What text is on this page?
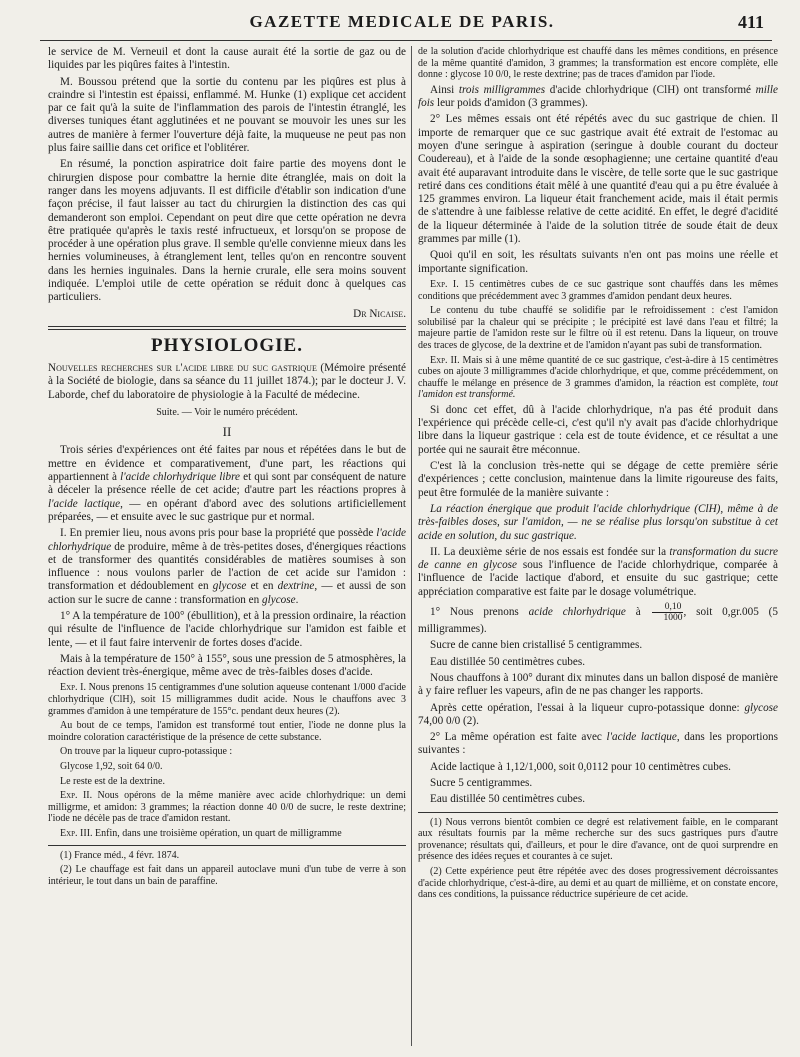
GAZETTE MEDICALE DE PARIS.	411

le service de M. Verneuil et dont la cause aurait été la sortie de gaz ou de liquides par les piqûres faites à l'intestin.

M. Boussou prétend que la sortie du contenu par les piqûres est plus à craindre si l'intestin est épaissi, enflammé. M. Hunke (1) explique cet accident par ce fait qu'à la suite de l'inflammation des parois de l'intestin étranglé, les diverses tuniques étant agglutinées et ne pouvant se mouvoir les unes sur les autres de manière à fermer l'ouverture déjà faite, la muqueuse ne peut pas non plus faire saillie dans cet orifice et l'oblitérer.

En résumé, la ponction aspiratrice doit faire partie des moyens dont le chirurgien dispose pour combattre la hernie dite étranglée, mais on doit la ranger dans les moyens adjuvants. Il est difficile d'établir son indication d'une façon précise, il faut laisser au tact du chirurgien la distinction des cas qui demanderont son emploi. Cependant on peut dire que cette opération ne devra être pratiquée qu'après le taxis resté infructueux, et lorsqu'on se propose de procéder à une opération plus grave. Il semble qu'elle convienne mieux dans les hernies volumineuses, à étranglement lent, telles qu'on en rencontre souvent dans les hernies inguinales. Dans la hernie crurale, elle sera moins souvent indiquée. L'emploi utile de cette opération se réduit donc à quelques cas particuliers.

Dr Nicaise.
PHYSIOLOGIE.

Nouvelles recherches sur l'acide libre du suc gastrique (Mémoire présenté à la Société de biologie, dans sa séance du 11 juillet 1874.); par le docteur J. V. Laborde, chef du laboratoire de physiologie à la Faculté de médecine.

Suite. — Voir le numéro précédent.
II

Trois séries d'expériences ont été faites par nous et répétées dans le but de mettre en évidence et comparativement, d'une part, les réactions qui appartiennent à l'acide chlorhydrique libre et qui sont par conséquent de nature à déceler la présence réelle de cet acide; d'autre part les réactions propres à l'acide lactique, — en opérant d'abord avec des solutions artificiellement préparées, — et ensuite avec le suc gastrique pur et normal.

I. En premier lieu, nous avons pris pour base la propriété que possède l'acide chlorhydrique de produire, même à de très-petites doses, d'énergiques réactions et de transformer des quantités considérables de matières soumises à son influence : nous voulons parler de l'action de cet acide sur l'amidon : transformation et dédoublement en glycose et en dextrine, — et aussi de son action sur le sucre de canne : transformation en glycose.

1° A la température de 100° (ébullition), et à la pression ordinaire, la réaction qui résulte de l'influence de l'acide chlorhydrique sur l'amidon est faible et lente, — et il faut faire intervenir de fortes doses d'acide.

Mais à la température de 150° à 155°, sous une pression de 5 atmosphères, la réaction devient très-énergique, même avec de très-faibles doses d'acide.

Exp. I. Nous prenons 15 centigrammes d'une solution aqueuse contenant 1/000 d'acide chlorhydrique (ClH), soit 15 milligrammes dudit acide. Nous le chauffons avec 3 grammes d'amidon à une température de 155°c. pendant deux heures (2).

Au bout de ce temps, l'amidon est transformé tout entier, l'iode ne donne plus la moindre coloration caractéristique de la présence de cette substance.

On trouve par la liqueur cupro-potassique :

Glycose 1,92, soit 64 0/0.

Le reste est de la dextrine.

Exp. II. Nous opérons de la même manière avec acide chlorhydrique: un demi milligrme, et amidon: 3 grammes; la réaction donne 40 0/0 de sucre, le reste dextrine; l'iode ne décèle pas de trace d'amidon restant.

Exp. III. Enfin, dans une troisième opération, un quart de milligramme

(1) France méd., 4 févr. 1874.

(2) Le chauffage est fait dans un appareil autoclave muni d'un tube de verre à son intérieur, le tout dans un bain de paraffine.

de la solution d'acide chlorhydrique est chauffé dans les mêmes conditions, en présence de la même quantité d'amidon, 3 grammes; la transformation est encore complète, elle donne : glycose 10 0/0, le reste dextrine; pas de traces d'amidon par l'iode.

Ainsi trois milligrammes d'acide chlorhydrique (ClH) ont transformé mille fois leur poids d'amidon (3 grammes).

2° Les mêmes essais ont été répétés avec du suc gastrique de chien. Il importe de remarquer que ce suc gastrique avait été extrait de l'estomac au moyen d'une seringue à aspiration (seringue à double courant du docteur Coudereau), et à l'aide de la sonde œsophagienne; une certaine quantité d'eau avait été auparavant introduite dans le viscère, de telle sorte que le suc gastrique retiré dans ces conditions était mêlé à une quantité d'eau qui a pu être évaluée à 125 grammes environ. La liqueur était franchement acide, mais il était permis de s'attendre à une faiblesse relative de cette acidité. En effet, le degré d'acidité de la liqueur déterminée à l'aide de la solution titrée de soude était de deux grammes par mille (1).

Quoi qu'il en soit, les résultats suivants n'en ont pas moins une réelle et importante signification.

Exp. I. 15 centimètres cubes de ce suc gastrique sont chauffés dans les mêmes conditions que précédemment avec 3 grammes d'amidon pendant deux heures.

Le contenu du tube chauffé se solidifie par le refroidissement : c'est l'amidon solubilisé par la chaleur qui se précipite ; le précipité est lavé dans l'eau et filtré; la majeure partie de l'amidon reste sur le filtre où il est retenu. Dans la liqueur, on trouve des traces de glycose, de la dextrine et de l'amidon n'ayant pas subi de transformation.

Exp. II. Mais si à une même quantité de ce suc gastrique, c'est-à-dire à 15 centimètres cubes on ajoute 3 milligrammes d'acide chlorhydrique, et que, comme précédemment, on chauffe le mélange en présence de 3 grammes d'amidon, la réaction est complète, tout l'amidon est transformé.

Si donc cet effet, dû à l'acide chlorhydrique, n'a pas été produit dans l'expérience qui précède celle-ci, c'est qu'il n'y avait pas d'acide chlorhydrique libre dans la liqueur gastrique : cela est de toute évidence, et ce résultat a une portée qui ne saurait être méconnue.

C'est là la conclusion très-nette qui se dégage de cette première série d'expériences ; cette conclusion, maintenue dans la limite rigoureuse des faits, peut être formulée de la manière suivante :

La réaction énergique que produit l'acide chlorhydrique (ClH), même à de très-faibles doses, sur l'amidon, — ne se réalise plus lorsqu'on substitue à cet acide en solution, du suc gastrique.

II. La deuxième série de nos essais est fondée sur la transformation du sucre de canne en glycose sous l'influence de l'acide chlorhydrique, comparée à l'influence de l'acide lactique d'abord, et ensuite du suc gastrique; cette appréciation comparative est faite par le dosage volumétrique.

1° Nous prenons acide chlorhydrique à $\frac{0,10}{1000}$ , soit 0,gr.005 (5 milligrammes).

Sucre de canne bien cristallisé 5 centigrammes.

Eau distillée 50 centimètres cubes.

Nous chauffons à 100° durant dix minutes dans un ballon disposé de manière à y faire refluer les vapeurs, afin de ne pas changer les rapports.

Après cette opération, l'essai à la liqueur cupro-potassique donne: glycose 74,00 0/0 (2).

2° La même opération est faite avec l'acide lactique, dans les proportions suivantes :

Acide lactique à 1,12/1,000, soit 0,0112 pour 10 centimètres cubes.

Sucre 5 centigrammes.

Eau distillée 50 centimètres cubes.

(1) Nous verrons bientôt combien ce degré est relativement faible, en le comparant aux résultats fournis par la même recherche sur des sucs gastriques purs d'autre provenance; résultats qui, d'ailleurs, et pour le dire d'avance, ont de quoi surprendre en présence des idées reçues et courantes à ce sujet.

(2) Cette expérience peut être répétée avec des doses progressivement décroissantes d'acide chlorhydrique, c'est-à-dire, au demi et au quart de millième, et on constate encore, dans ces conditions, la puissance réductrice supérieure de cet acide.
